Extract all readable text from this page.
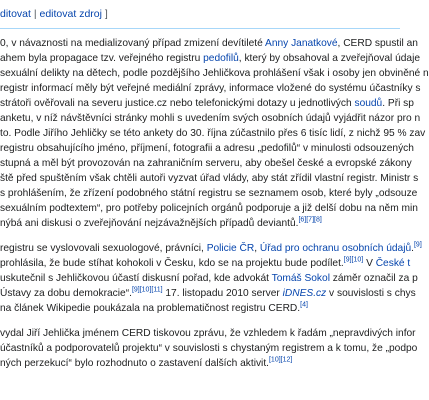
ditovat | editovat zdroj ]

0, v návaznosti na medializovaný případ zmizení devítileté Anny Janatkové, CERD spustil an
ahem byla propagace tzv. veřejného registru pedofilů, který by obsahoval a zveřejňoval údaje
sexuální delikty na dětech, podle pozdějšího Jehličkova prohlášení však i osoby jen obviněné n
registr informací měly být veřejné mediální zprávy, informace vložené do systému účastníky s
strátoři ověřovali na severu justice.cz nebo telefonickými dotazy u jednotlivých soudů. Při sp
anketu, v níž návštěvníci stránky mohli s uvedením svých osobních údajů vyjádřit názor pro n
to. Podle Jiřího Jehličky se této ankety do 30. října zúčastnilo přes 6 tisíc lidí, z nichž 95 % zav
registru obsahujícího jméno, příjmení, fotografii a adresu „pedofilů“ v minulosti odsouzených
stupná a měl být provozován na zahraničním serveru, aby obešel české a evropské zákony
ště před spuštěním však chtěli autoři vyzvat úřad vlády, aby stát zřídil vlastní registr. Ministr s
s prohlášením, že zřízení podobného státní registru se seznamem osob, které byly „odsouze
sexuálním podtextem“, pro potřeby policejních orgánů podporuje a již delší dobu na něm min
nýbá ani diskusi o zveřejňování nejzávažnějších případů deviantů.[6][7][8]

registru se vyslovovali sexuologové, právníci, Policie ČR, Úřad pro ochranu osobních údajů.[9]
prohlásila, že bude stíhat kohokoli v Česku, kdo se na projektu bude podílet.[9][10] V České t
uskutečnil s Jehličkovou účastí diskusní pořad, kde advokát Tomáš Sokol záměr označil za p
Ústavy za dobu demokracie“.[9][10][11] 17. listopadu 2010 server iDNES.cz v souvislosti s chys
na článek Wikipedie poukázala na problematičnost registru CERD.[4]

vydal Jiří Jehlička jménem CERD tiskovou zprávu, že vzhledem k řadám „nepravdivých infor
účastníků a podporovatelů projektu“ v souvislosti s chystaným registrem a k tomu, že „podpo
ných perzekucí“ bylo rozhodnuto o zastavení dalších aktivit.[10][12]
